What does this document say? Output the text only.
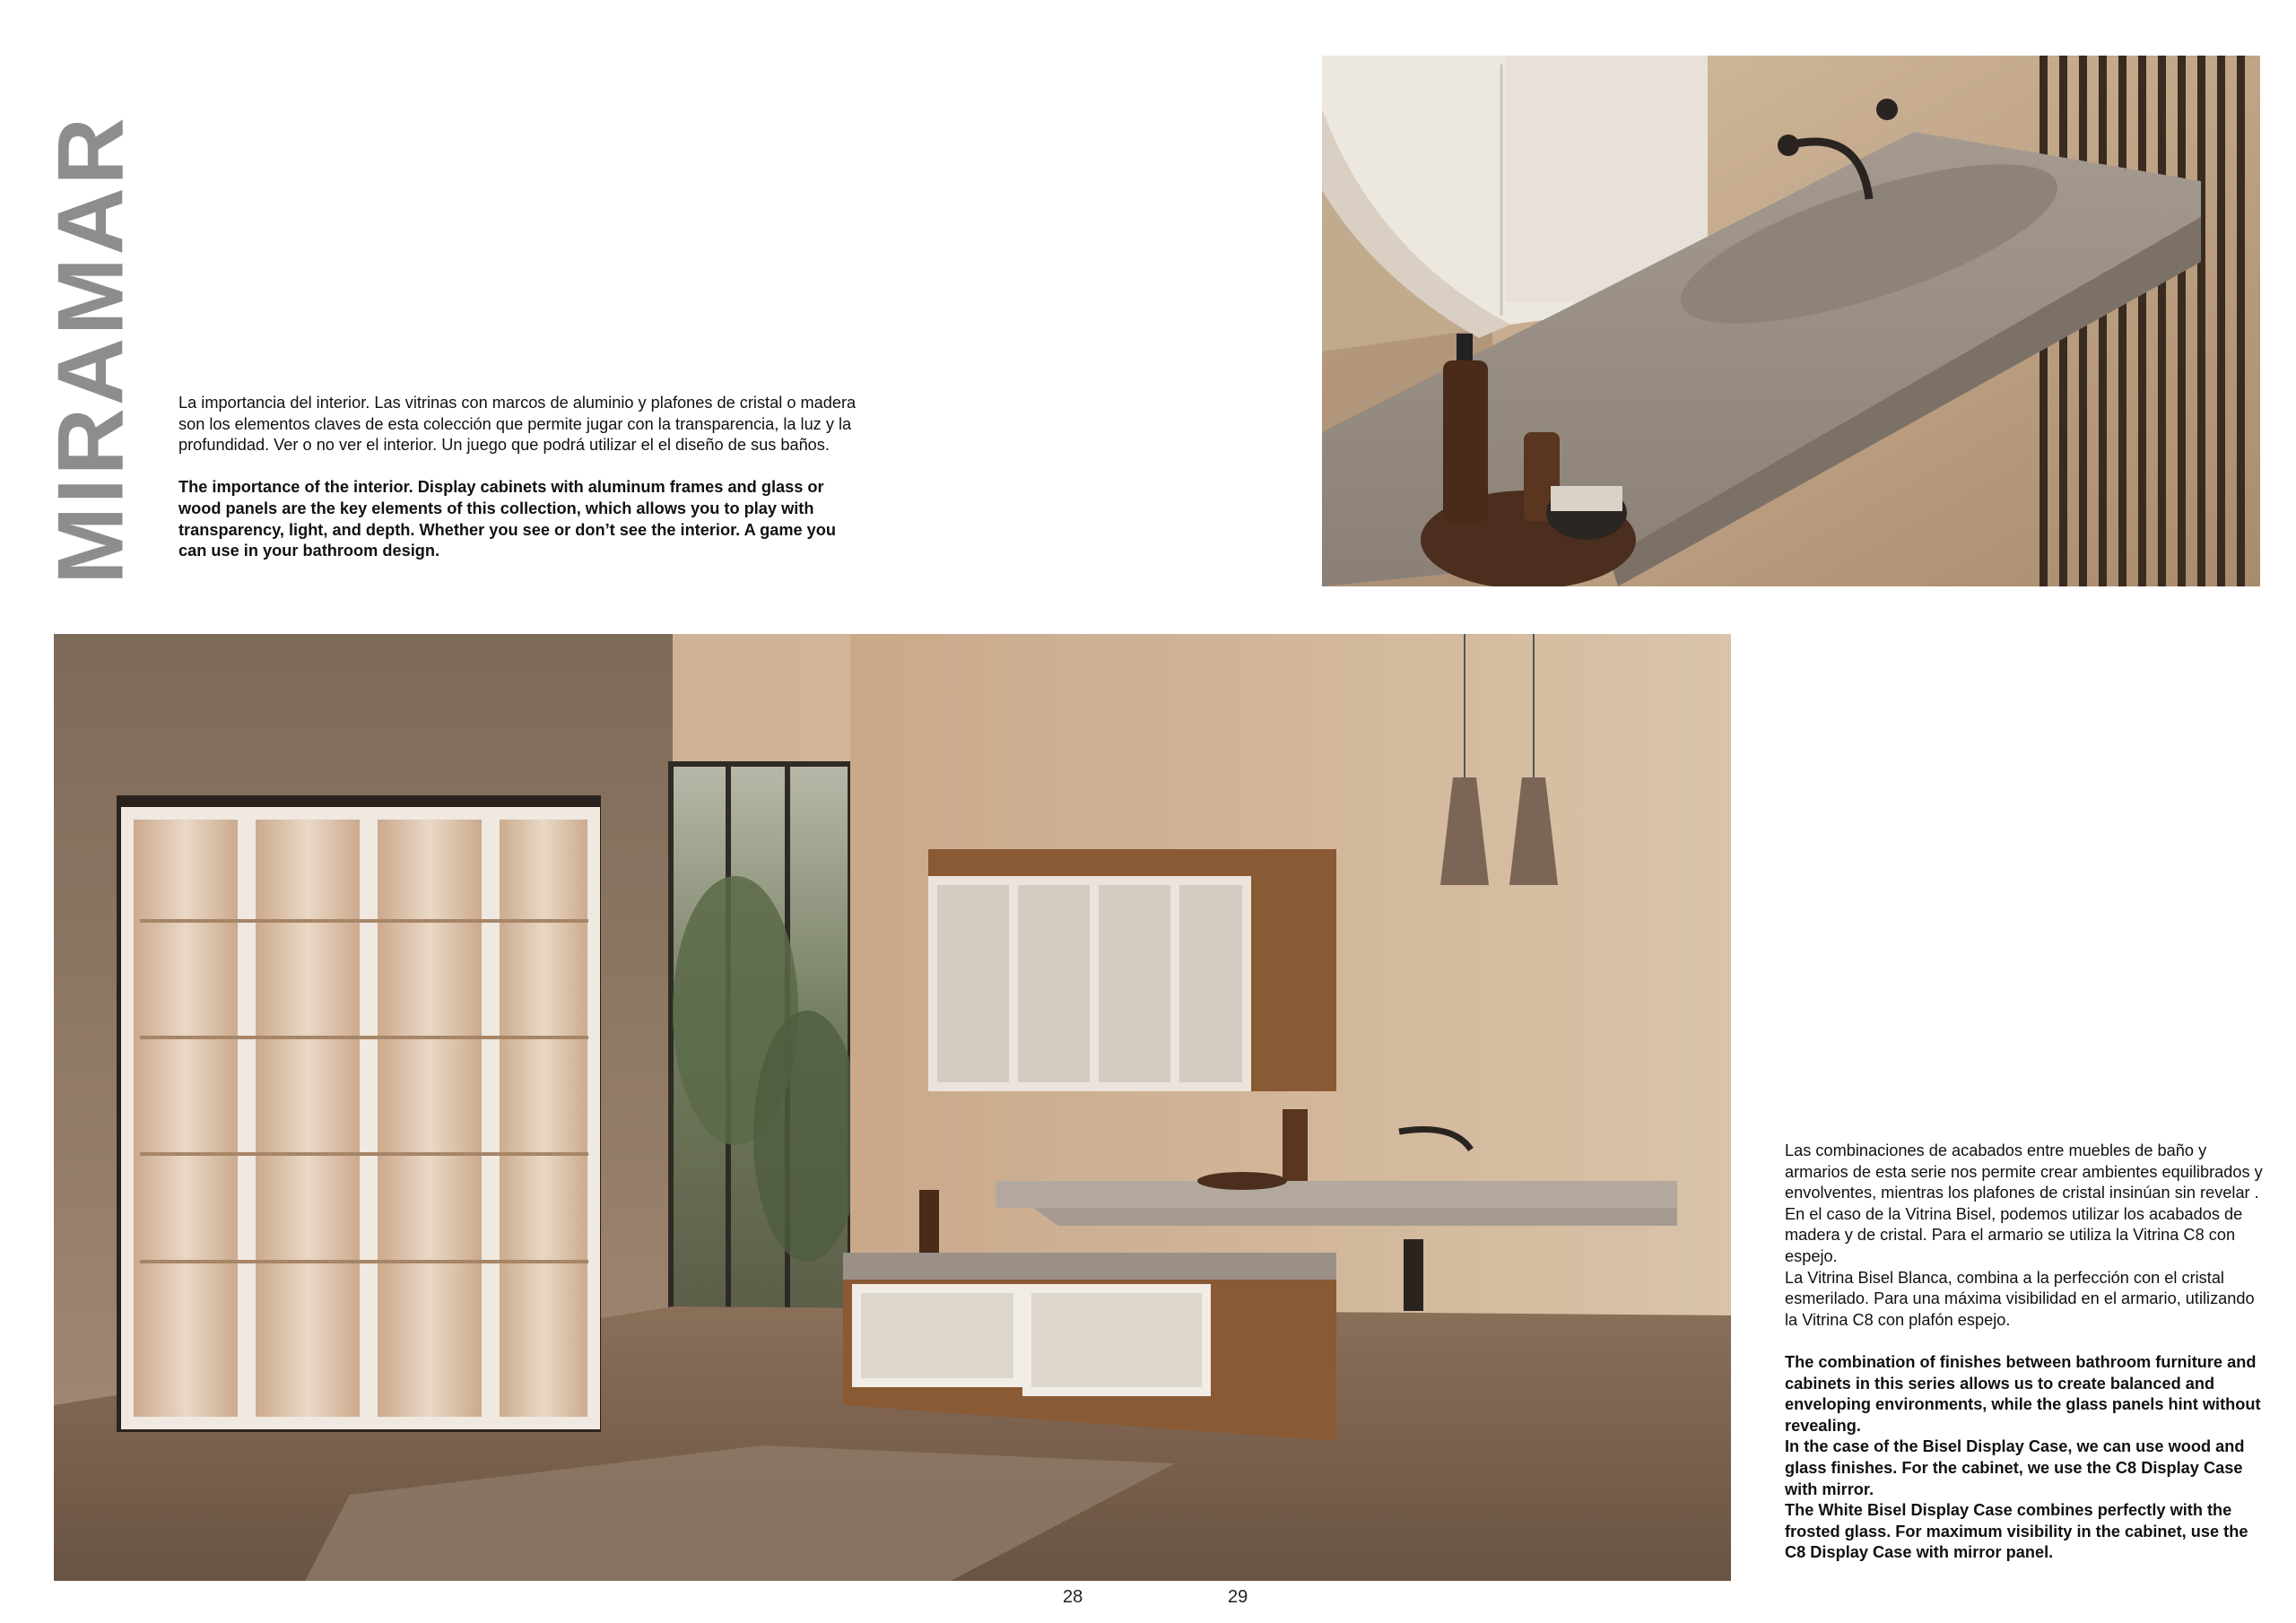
MIRAMAR La importancia del interior. Las vitrinas con marcos de aluminio y plafones de cristal o madera son los elementos claves de esta colección que permite jugar con la transparencia, la luz y la profundidad. Ver o no ver el interior. Un juego que podrá utilizar el el diseño de sus baños.

The importance of the interior. Display cabinets with aluminum frames and glass or wood panels are the key elements of this collection, which allows you to play with transparency, light, and depth. Whether you see or don’t see the interior. A game you can use in your bathroom design.

Las combinaciones de acabados entre muebles de baño y armarios de esta serie nos permite crear ambientes equilibrados y envolventes, mientras los plafones de cristal insinúan sin revelar .

En el caso de la Vitrina Bisel, podemos utilizar los acabados de madera y de cristal. Para el armario se utiliza la Vitrina C8 con espejo.

La Vitrina Bisel Blanca, combina a la perfección con el cristal esmerilado. Para una máxima visibilidad en el armario, utilizando la Vitrina C8 con plafón espejo.

The combination of finishes between bathroom furniture and cabinets in this series allows us to create balanced and enveloping environments, while the glass panels hint without revealing.

In the case of the Bisel Display Case, we can use wood and glass finishes. For the cabinet, we use the C8 Display Case with mirror.

The White Bisel Display Case combines perfectly with the frosted glass. For maximum visibility in the cabinet, use the C8 Display Case with mirror panel.

28	29
